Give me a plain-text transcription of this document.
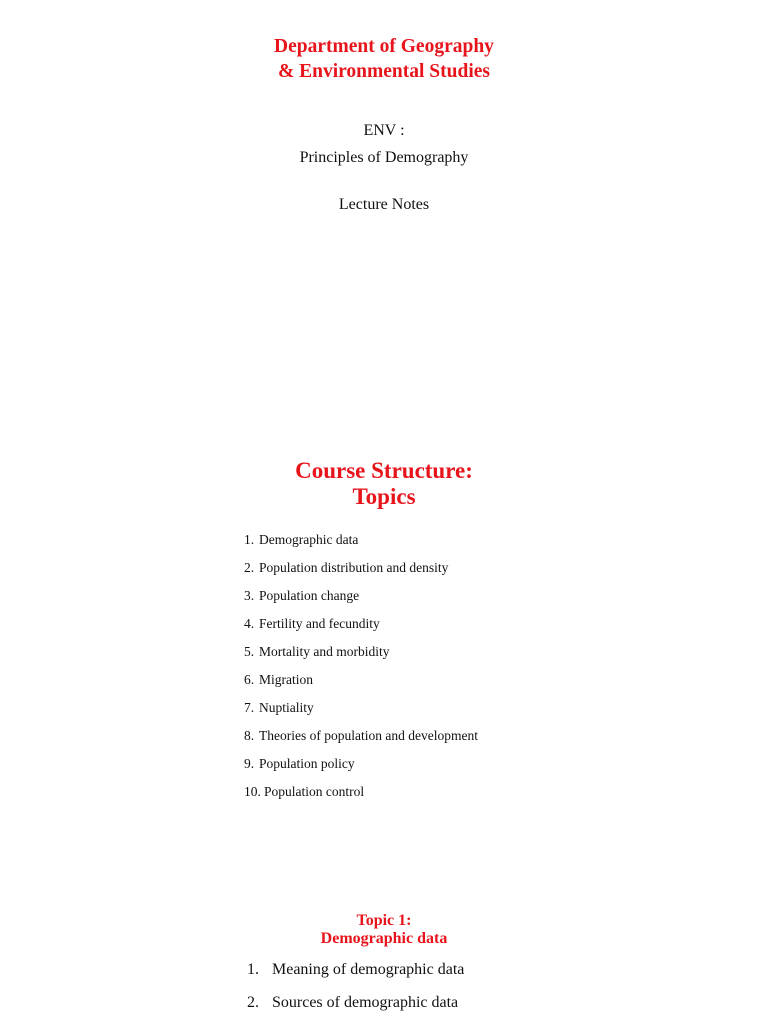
Department of Geography
& Environmental Studies
ENV :
Principles of Demography
Lecture Notes
Course Structure:
Topics
1. Demographic data
2. Population distribution and density
3. Population change
4. Fertility and fecundity
5. Mortality and morbidity
6. Migration
7. Nuptiality
8. Theories of population and development
9. Population policy
10. Population control
Topic 1:
Demographic data
1. Meaning of demographic data
2. Sources of demographic data
